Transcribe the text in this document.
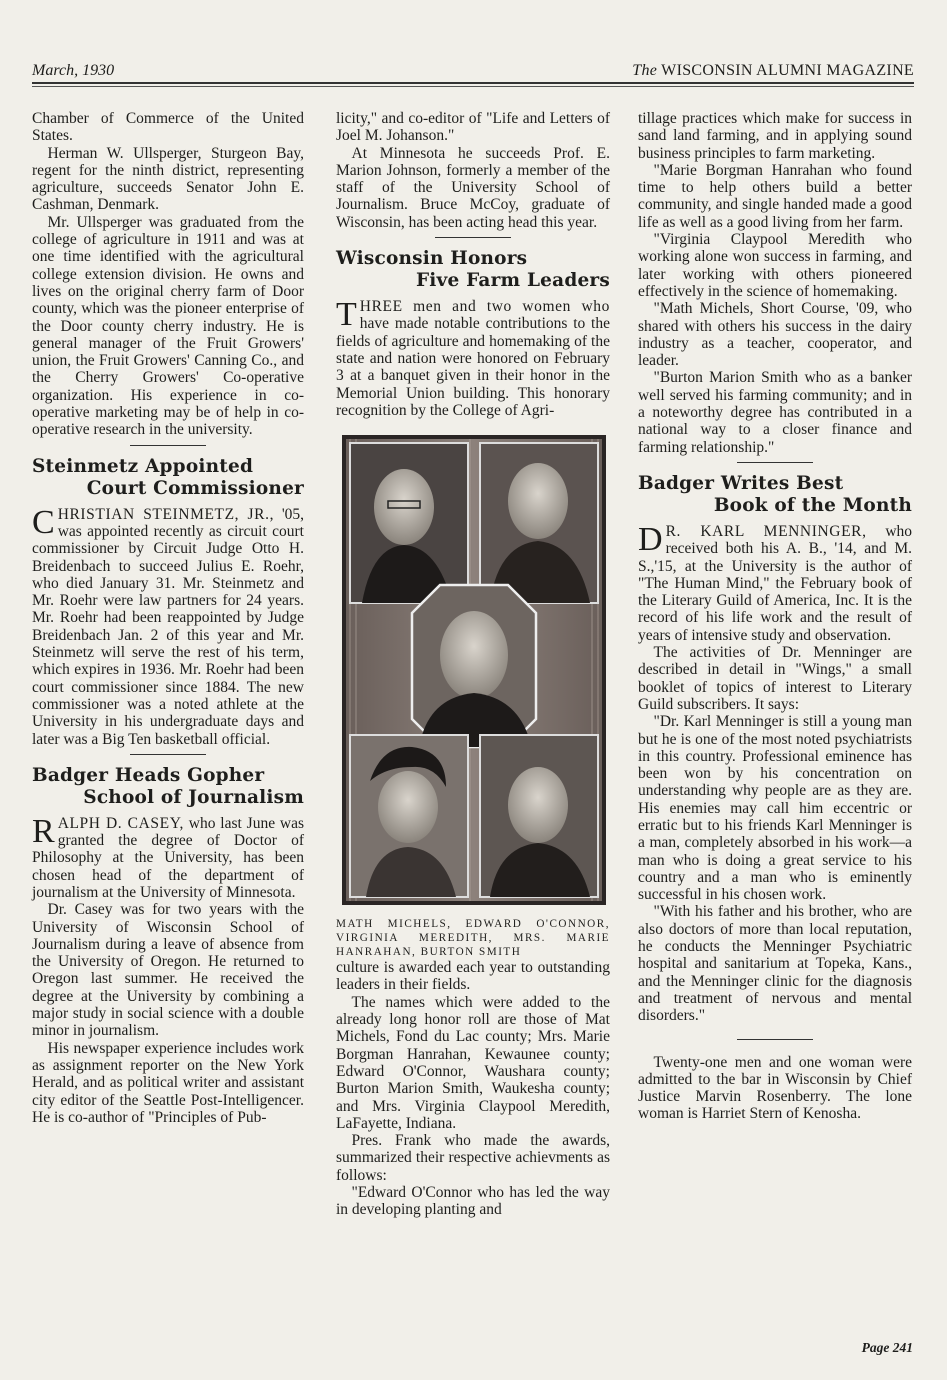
March, 1930	The WISCONSIN ALUMNI MAGAZINE

Chamber of Commerce of the United States.

Herman W. Ullsperger, Sturgeon Bay, regent for the ninth district, representing agriculture, succeeds Senator John E. Cashman, Denmark.

Mr. Ullsperger was graduated from the college of agriculture in 1911 and was at one time identified with the agricultural college extension division. He owns and lives on the original cherry farm of Door county, which was the pioneer enterprise of the Door county cherry industry. He is general manager of the Fruit Growers' union, the Fruit Growers' Canning Co., and the Cherry Growers' Co-operative organization. His experience in co-operative marketing may be of help in co-operative research in the university.

Steinmetz Appointed
Court Commissioner

CHRISTIAN STEINMETZ, JR., '05, was appointed recently as circuit court commissioner by Circuit Judge Otto H. Breidenbach to succeed Julius E. Roehr, who died January 31. Mr. Steinmetz and Mr. Roehr were law partners for 24 years. Mr. Roehr had been reappointed by Judge Breidenbach Jan. 2 of this year and Mr. Steinmetz will serve the rest of his term, which expires in 1936. Mr. Roehr had been court commissioner since 1884. The new commissioner was a noted athlete at the University in his undergraduate days and later was a Big Ten basketball official.

Badger Heads Gopher
School of Journalism

RALPH D. CASEY, who last June was granted the degree of Doctor of Philosophy at the University, has been chosen head of the department of journalism at the University of Minnesota.

Dr. Casey was for two years with the University of Wisconsin School of Journalism during a leave of absence from the University of Oregon. He returned to Oregon last summer. He received the degree at the University by combining a major study in social science with a double minor in journalism.

His newspaper experience includes work as assignment reporter on the New York Herald, and as political writer and assistant city editor of the Seattle Post-Intelligencer. He is co-author of "Principles of Pub-

licity," and co-editor of "Life and Letters of Joel M. Johanson."

At Minnesota he succeeds Prof. E. Marion Johnson, formerly a member of the staff of the University School of Journalism. Bruce McCoy, graduate of Wisconsin, has been acting head this year.

Wisconsin Honors
Five Farm Leaders

THREE men and two women who have made notable contributions to the fields of agriculture and homemaking of the state and nation were honored on February 3 at a banquet given in their honor in the Memorial Union building. This honorary recognition by the College of Agri-

MATH MICHELS, EDWARD O'CONNOR, VIRGINIA MEREDITH, MRS. MARIE HANRAHAN, BURTON SMITH

culture is awarded each year to outstanding leaders in their fields.

The names which were added to the already long honor roll are those of Mat Michels, Fond du Lac county; Mrs. Marie Borgman Hanrahan, Kewaunee county; Edward O'Connor, Waushara county; Burton Marion Smith, Waukesha county; and Mrs. Virginia Claypool Meredith, LaFayette, Indiana.

Pres. Frank who made the awards, summarized their respective achievments as follows:

"Edward O'Connor who has led the way in developing planting and

tillage practices which make for success in sand land farming, and in applying sound business principles to farm marketing.

"Marie Borgman Hanrahan who found time to help others build a better community, and single handed made a good life as well as a good living from her farm.

"Virginia Claypool Meredith who working alone won success in farming, and later working with others pioneered effectively in the science of homemaking.

"Math Michels, Short Course, '09, who shared with others his success in the dairy industry as a teacher, cooperator, and leader.

"Burton Marion Smith who as a banker well served his farming community; and in a noteworthy degree has contributed in a national way to a closer finance and farming relationship."

Badger Writes Best
Book of the Month

D R. KARL MENNINGER, who received both his A. B., '14, and M. S.,'15, at the University is the author of "The Human Mind," the February book of the Literary Guild of America, Inc. It is the record of his life work and the result of years of intensive study and observation.

The activities of Dr. Menninger are described in detail in "Wings," a small booklet of topics of interest to Literary Guild subscribers. It says:

"Dr. Karl Menninger is still a young man but he is one of the most noted psychiatrists in this country. Professional eminence has been won by his concentration on understanding why people are as they are. His enemies may call him eccentric or erratic but to his friends Karl Menninger is a man, completely absorbed in his work—a man who is doing a great service to his country and a man who is eminently successful in his chosen work.

"With his father and his brother, who are also doctors of more than local reputation, he conducts the Menninger Psychiatric hospital and sanitarium at Topeka, Kans., and the Menninger clinic for the diagnosis and treatment of nervous and mental disorders."

Twenty-one men and one woman were admitted to the bar in Wisconsin by Chief Justice Marvin Rosenberry. The lone woman is Harriet Stern of Kenosha.

Page 241
